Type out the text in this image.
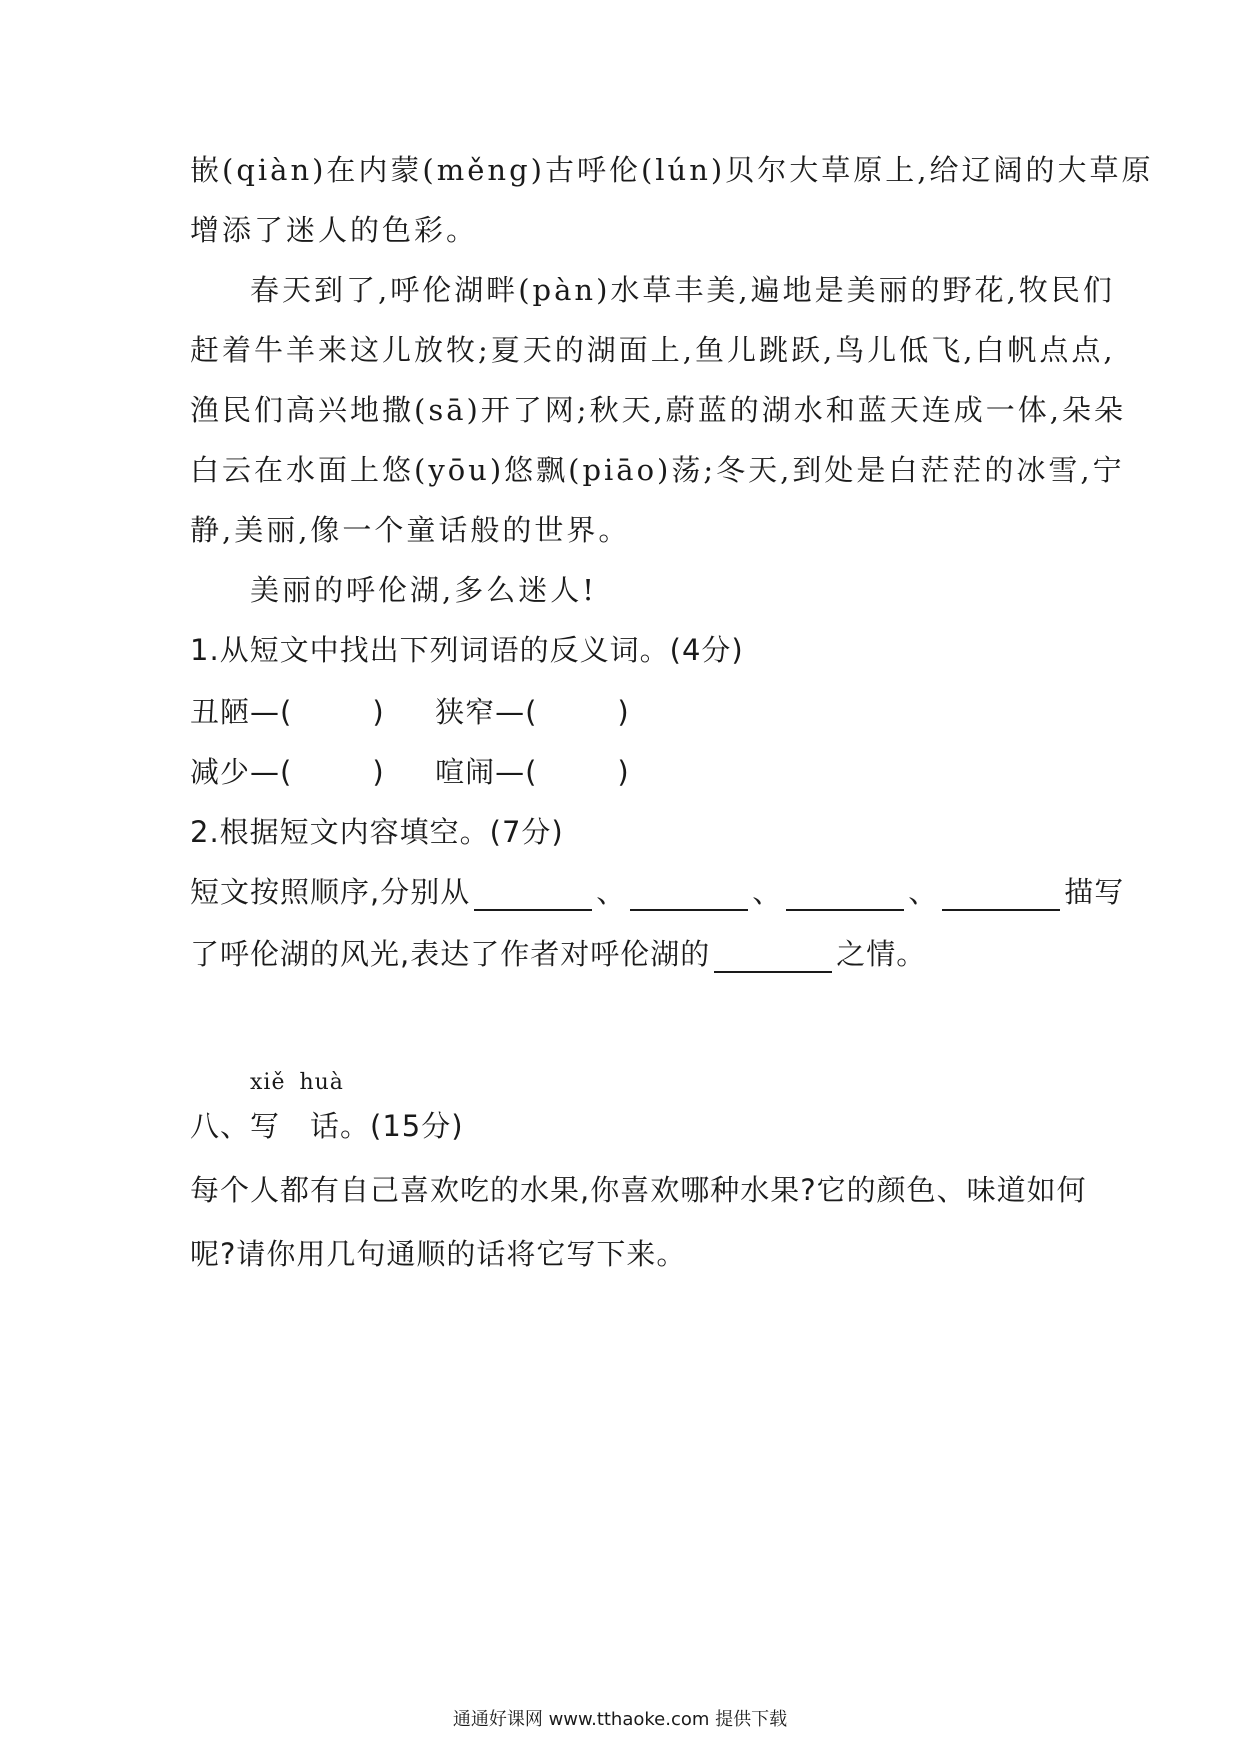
嵌(qiàn)在内蒙(měng)古呼伦(lún)贝尔大草原上,给辽阔的大草原
增添了迷人的色彩。
春天到了,呼伦湖畔(pàn)水草丰美,遍地是美丽的野花,牧民们
赶着牛羊来这儿放牧;夏天的湖面上,鱼儿跳跃,鸟儿低飞,白帆点点,
渔民们高兴地撒(sā)开了网;秋天,蔚蓝的湖水和蓝天连成一体,朵朵
白云在水面上悠(yōu)悠飘(piāo)荡;冬天,到处是白茫茫的冰雪,宁
静,美丽,像一个童话般的世界。
美丽的呼伦湖,多么迷人!
1.从短文中找出下列词语的反义词。(4分)
丑陋—(	) 狭窄—(	)
减少—(	) 喧闹—(	)
2.根据短文内容填空。(7分)
短文按照顺序,分别从	、	、	、	描写
了呼伦湖的风光,表达了作者对呼伦湖的	之情。
xiě huà
八、写　话。(15分)
每个人都有自己喜欢吃的水果,你喜欢哪种水果?它的颜色、味道如何
呢?请你用几句通顺的话将它写下来。
通通好课网 www.tthaoke.com 提供下载
